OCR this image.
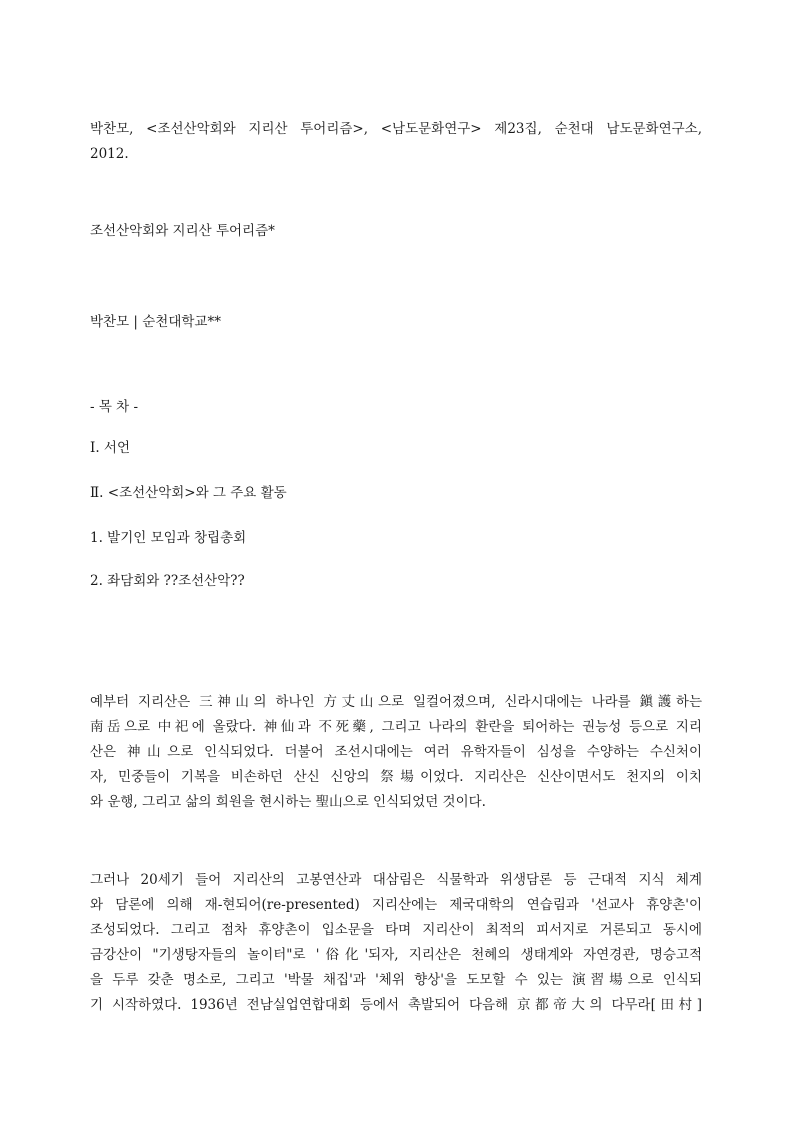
박찬모, <조선산악회와 지리산 투어리즘>, <남도문화연구> 제23집, 순천대 남도문화연구소,
2012.

조선산악회와 지리산 투어리즘*

박찬모 | 순천대학교**

- 목 차 -

Ⅰ. 서언

Ⅱ. <조선산악회>와 그 주요 활동

1. 발기인 모임과 창립총회

2. 좌담회와 ??조선산악??

예부터 지리산은 三神山의 하나인 方丈山으로 일컬어졌으며, 신라시대에는 나라를 鎭護하는
南岳으로 中祀에 올랐다. 神仙과 不死藥, 그리고 나라의 환란을 퇴어하는 권능성 등으로 지리
산은 神山으로 인식되었다. 더불어 조선시대에는 여러 유학자들이 심성을 수양하는 수신처이
자, 민중들이 기복을 비손하던 산신 신앙의 祭場이었다. 지리산은 신산이면서도 천지의 이치
와 운행, 그리고 삶의 희원을 현시하는 聖山으로 인식되었던 것이다.
그러나 20세기 들어 지리산의 고봉연산과 대삼림은 식물학과 위생담론 등 근대적 지식 체계
와 담론에 의해 재-현되어(re-presented) 지리산에는 제국대학의 연습림과 '선교사 휴양촌'이
조성되었다. 그리고 점차 휴양촌이 입소문을 타며 지리산이 최적의 피서지로 거론되고 동시에
금강산이 "기생탕자들의 놀이터"로 '俗化'되자, 지리산은 천혜의 생태계와 자연경관, 명승고적
을 두루 갖춘 명소로, 그리고 '박물 채집'과 '체위 향상'을 도모할 수 있는 演習場으로 인식되
기 시작하였다. 1936년 전남실업연합대회 등에서 촉발되어 다음해 京都帝大의 다무라[田村]
